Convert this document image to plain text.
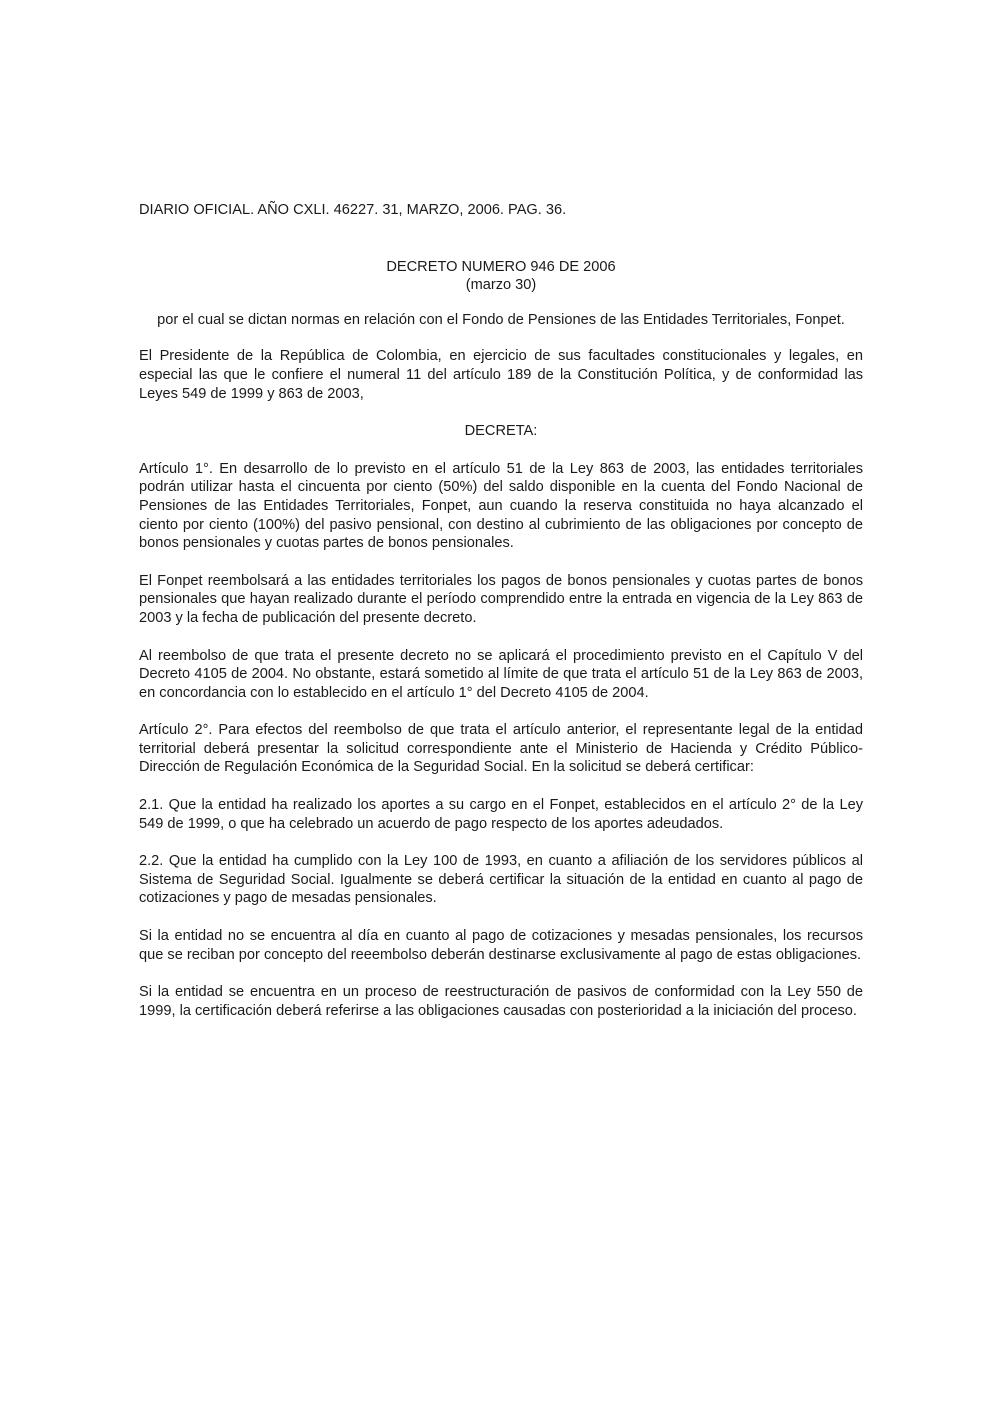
DIARIO OFICIAL. AÑO CXLI. 46227. 31, MARZO, 2006. PAG. 36.

DECRETO NUMERO 946 DE 2006
(marzo 30)

por el cual se dictan normas en relación con el Fondo de Pensiones de las Entidades Territoriales, Fonpet.

El Presidente de la República de Colombia, en ejercicio de sus facultades constitucionales y legales, en especial las que le confiere el numeral 11 del artículo 189 de la Constitución Política, y de conformidad las Leyes 549 de 1999 y 863 de 2003,

DECRETA:

Artículo 1°. En desarrollo de lo previsto en el artículo 51 de la Ley 863 de 2003, las entidades territoriales podrán utilizar hasta el cincuenta por ciento (50%) del saldo disponible en la cuenta del Fondo Nacional de Pensiones de las Entidades Territoriales, Fonpet, aun cuando la reserva constituida no haya alcanzado el ciento por ciento (100%) del pasivo pensional, con destino al cubrimiento de las obligaciones por concepto de bonos pensionales y cuotas partes de bonos pensionales.

El Fonpet reembolsará a las entidades territoriales los pagos de bonos pensionales y cuotas partes de bonos pensionales que hayan realizado durante el período comprendido entre la entrada en vigencia de la Ley 863 de 2003 y la fecha de publicación del presente decreto.

Al reembolso de que trata el presente decreto no se aplicará el procedimiento previsto en el Capítulo V del Decreto 4105 de 2004. No obstante, estará sometido al límite de que trata el artículo 51 de la Ley 863 de 2003, en concordancia con lo establecido en el artículo 1° del Decreto 4105 de 2004.

Artículo 2°. Para efectos del reembolso de que trata el artículo anterior, el representante legal de la entidad territorial deberá presentar la solicitud correspondiente ante el Ministerio de Hacienda y Crédito Público-Dirección de Regulación Económica de la Seguridad Social. En la solicitud se deberá certificar:

2.1. Que la entidad ha realizado los aportes a su cargo en el Fonpet, establecidos en el artículo 2° de la Ley 549 de 1999, o que ha celebrado un acuerdo de pago respecto de los aportes adeudados.

2.2. Que la entidad ha cumplido con la Ley 100 de 1993, en cuanto a afiliación de los servidores públicos al Sistema de Seguridad Social. Igualmente se deberá certificar la situación de la entidad en cuanto al pago de cotizaciones y pago de mesadas pensionales.

Si la entidad no se encuentra al día en cuanto al pago de cotizaciones y mesadas pensionales, los recursos que se reciban por concepto del reeembolso deberán destinarse exclusivamente al pago de estas obligaciones.

Si la entidad se encuentra en un proceso de reestructuración de pasivos de conformidad con la Ley 550 de 1999, la certificación deberá referirse a las obligaciones causadas con posterioridad a la iniciación del proceso.
